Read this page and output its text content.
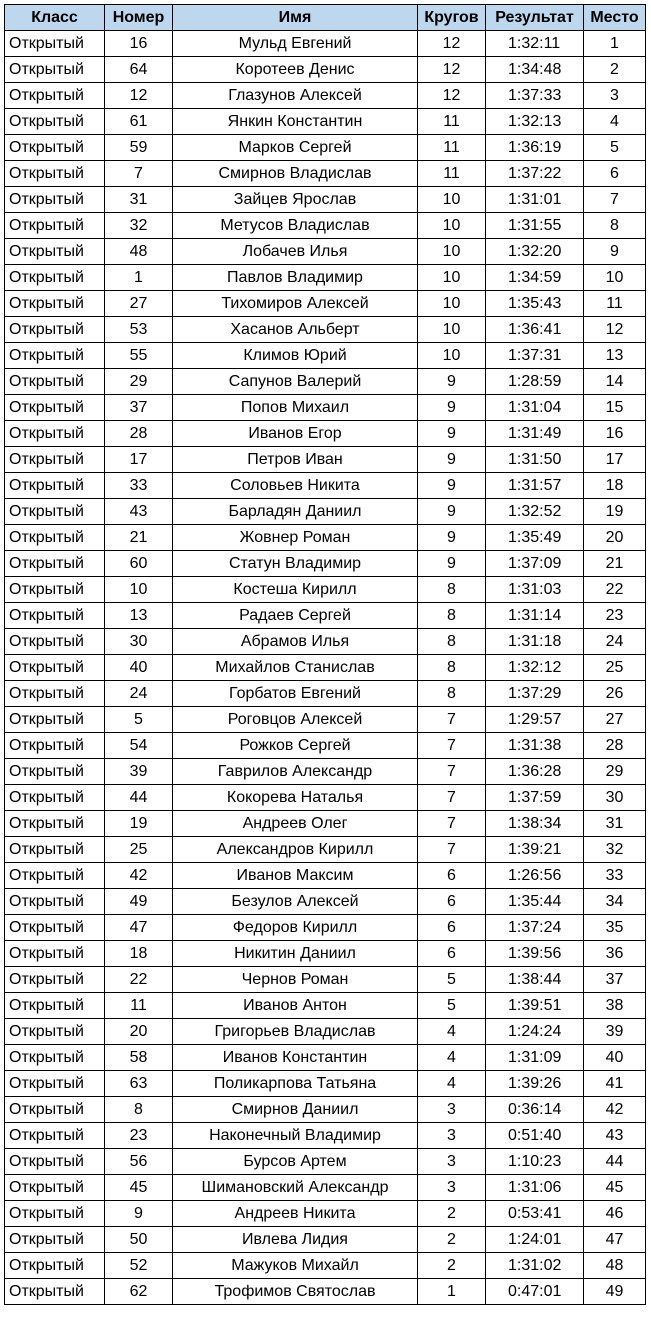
Класс	Номер	Имя	Кругов	Результат	Место
Открытый	16	Мульд Евгений	12	1:32:11	1
Открытый	64	Коротеев Денис	12	1:34:48	2
Открытый	12	Глазунов Алексей	12	1:37:33	3
Открытый	61	Янкин Константин	11	1:32:13	4
Открытый	59	Марков Сергей	11	1:36:19	5
Открытый	7	Смирнов Владислав	11	1:37:22	6
Открытый	31	Зайцев Ярослав	10	1:31:01	7
Открытый	32	Метусов Владислав	10	1:31:55	8
Открытый	48	Лобачев Илья	10	1:32:20	9
Открытый	1	Павлов Владимир	10	1:34:59	10
Открытый	27	Тихомиров Алексей	10	1:35:43	11
Открытый	53	Хасанов Альберт	10	1:36:41	12
Открытый	55	Климов Юрий	10	1:37:31	13
Открытый	29	Сапунов Валерий	9	1:28:59	14
Открытый	37	Попов Михаил	9	1:31:04	15
Открытый	28	Иванов Егор	9	1:31:49	16
Открытый	17	Петров Иван	9	1:31:50	17
Открытый	33	Соловьев Никита	9	1:31:57	18
Открытый	43	Барладян Даниил	9	1:32:52	19
Открытый	21	Жовнер Роман	9	1:35:49	20
Открытый	60	Статун Владимир	9	1:37:09	21
Открытый	10	Костеша Кирилл	8	1:31:03	22
Открытый	13	Радаев Сергей	8	1:31:14	23
Открытый	30	Абрамов Илья	8	1:31:18	24
Открытый	40	Михайлов Станислав	8	1:32:12	25
Открытый	24	Горбатов Евгений	8	1:37:29	26
Открытый	5	Роговцов Алексей	7	1:29:57	27
Открытый	54	Рожков Сергей	7	1:31:38	28
Открытый	39	Гаврилов Александр	7	1:36:28	29
Открытый	44	Кокорева Наталья	7	1:37:59	30
Открытый	19	Андреев Олег	7	1:38:34	31
Открытый	25	Александров Кирилл	7	1:39:21	32
Открытый	42	Иванов Максим	6	1:26:56	33
Открытый	49	Безулов Алексей	6	1:35:44	34
Открытый	47	Федоров Кирилл	6	1:37:24	35
Открытый	18	Никитин Даниил	6	1:39:56	36
Открытый	22	Чернов Роман	5	1:38:44	37
Открытый	11	Иванов Антон	5	1:39:51	38
Открытый	20	Григорьев Владислав	4	1:24:24	39
Открытый	58	Иванов Константин	4	1:31:09	40
Открытый	63	Поликарпова Татьяна	4	1:39:26	41
Открытый	8	Смирнов Даниил	3	0:36:14	42
Открытый	23	Наконечный Владимир	3	0:51:40	43
Открытый	56	Бурсов Артем	3	1:10:23	44
Открытый	45	Шимановский Александр	3	1:31:06	45
Открытый	9	Андреев Никита	2	0:53:41	46
Открытый	50	Ивлева Лидия	2	1:24:01	47
Открытый	52	Мажуков Михайл	2	1:31:02	48
Открытый	62	Трофимов Святослав	1	0:47:01	49
